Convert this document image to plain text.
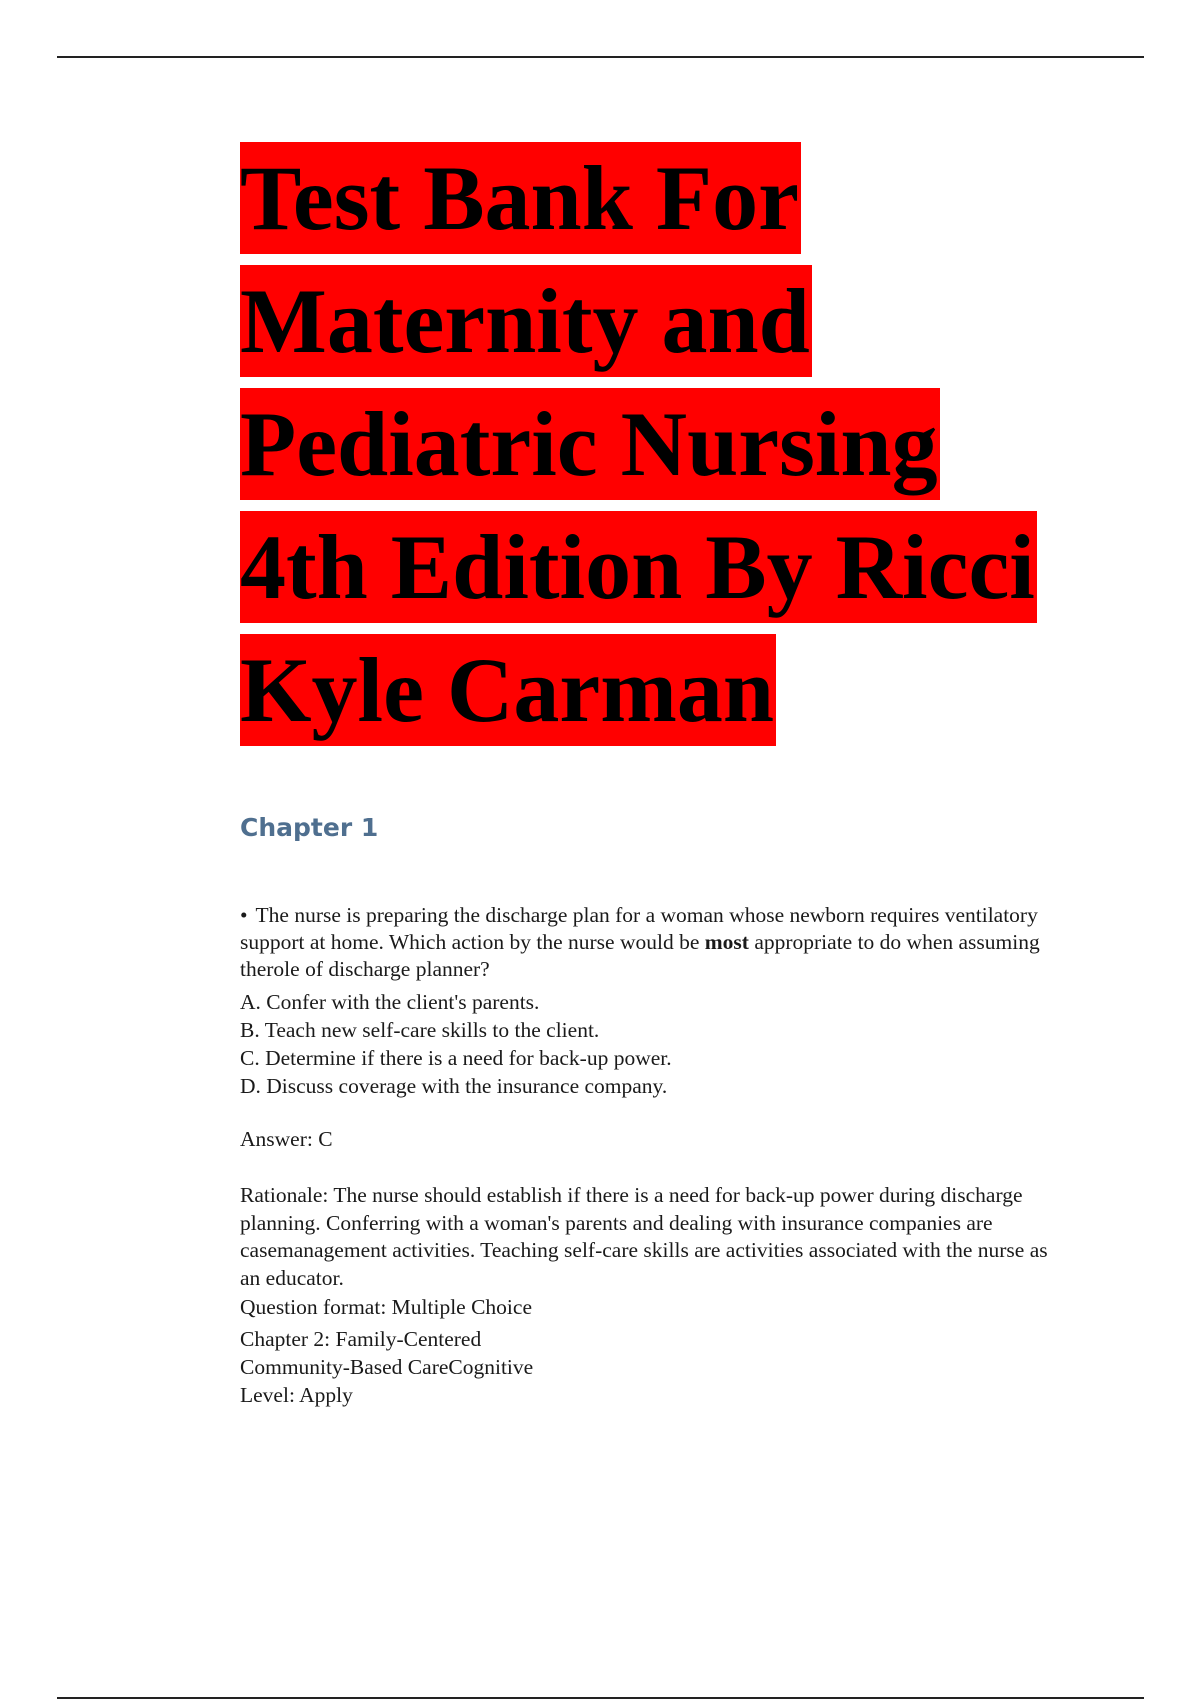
Test Bank For
Maternity and
Pediatric Nursing
4th Edition By Ricci
Kyle Carman
Chapter 1
• The nurse is preparing the discharge plan for a woman whose newborn requires ventilatory support at home. Which action by the nurse would be most appropriate to do when assuming therole of discharge planner?
A. Confer with the client's parents.
B. Teach new self-care skills to the client.
C. Determine if there is a need for back-up power.
D. Discuss coverage with the insurance company.
Answer: C
Rationale: The nurse should establish if there is a need for back-up power during discharge planning. Conferring with a woman's parents and dealing with insurance companies are casemanagement activities. Teaching self-care skills are activities associated with the nurse as an educator.
Question format: Multiple Choice
Chapter 2: Family-Centered
Community-Based CareCognitive
Level: Apply
